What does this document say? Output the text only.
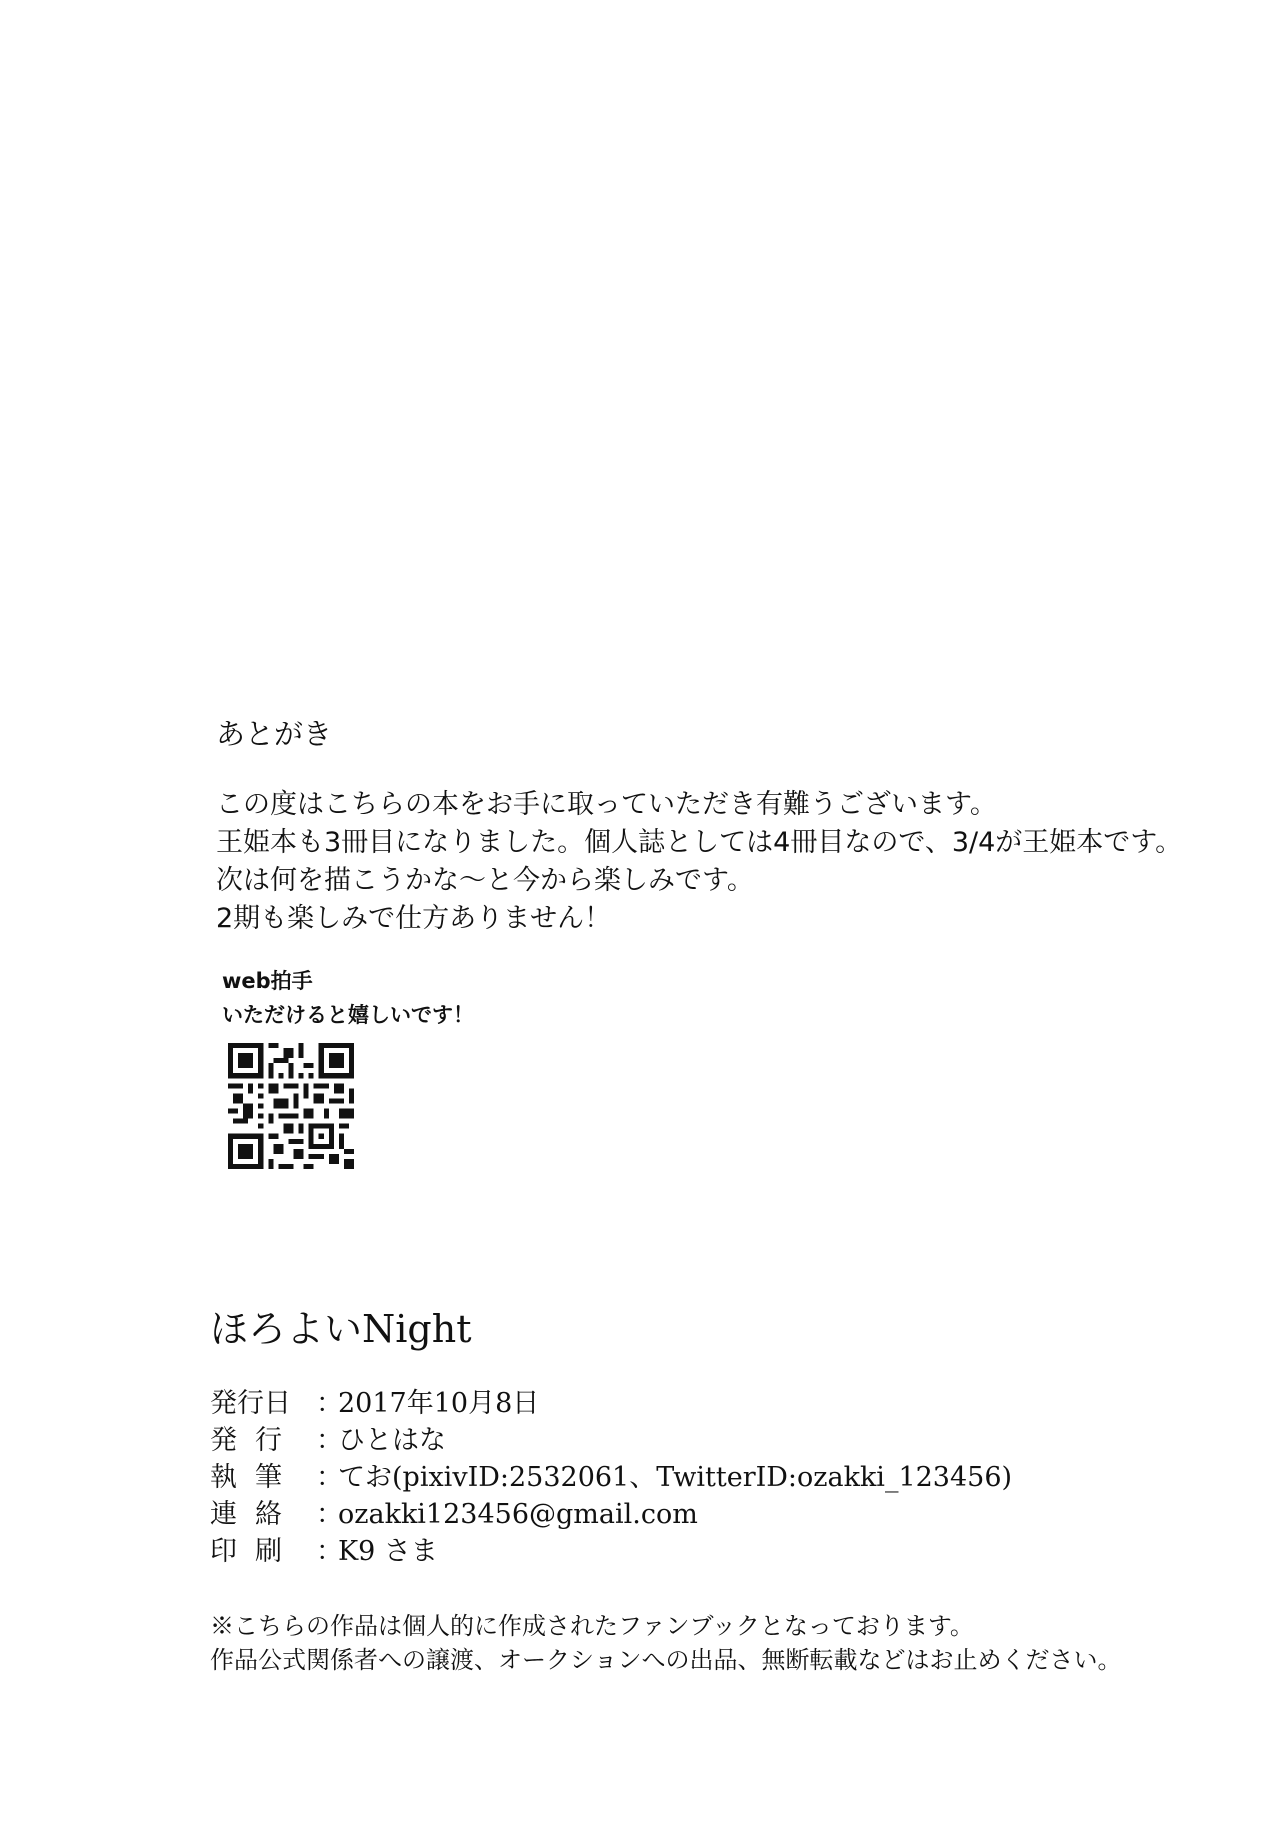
あとがき

この度はこちらの本をお手に取っていただき有難うございます。

王姫本も3冊目になりました。個人誌としては4冊目なので、3/4が王姫本です。

次は何を描こうかな～と今から楽しみです。

2期も楽しみで仕方ありません！

web拍手
いただけると嬉しいです！
ほろよいNight
発行日 ：
2017年10月8日
発行 ：
ひとはな
執筆 ：
てお(pixivID:2532061、TwitterID:ozakki_123456)
連絡 ：
ozakki123456@gmail.com
印刷 ：
K9 さま

※こちらの作品は個人的に作成されたファンブックとなっております。

作品公式関係者への譲渡、オークションへの出品、無断転載などはお止めください。
